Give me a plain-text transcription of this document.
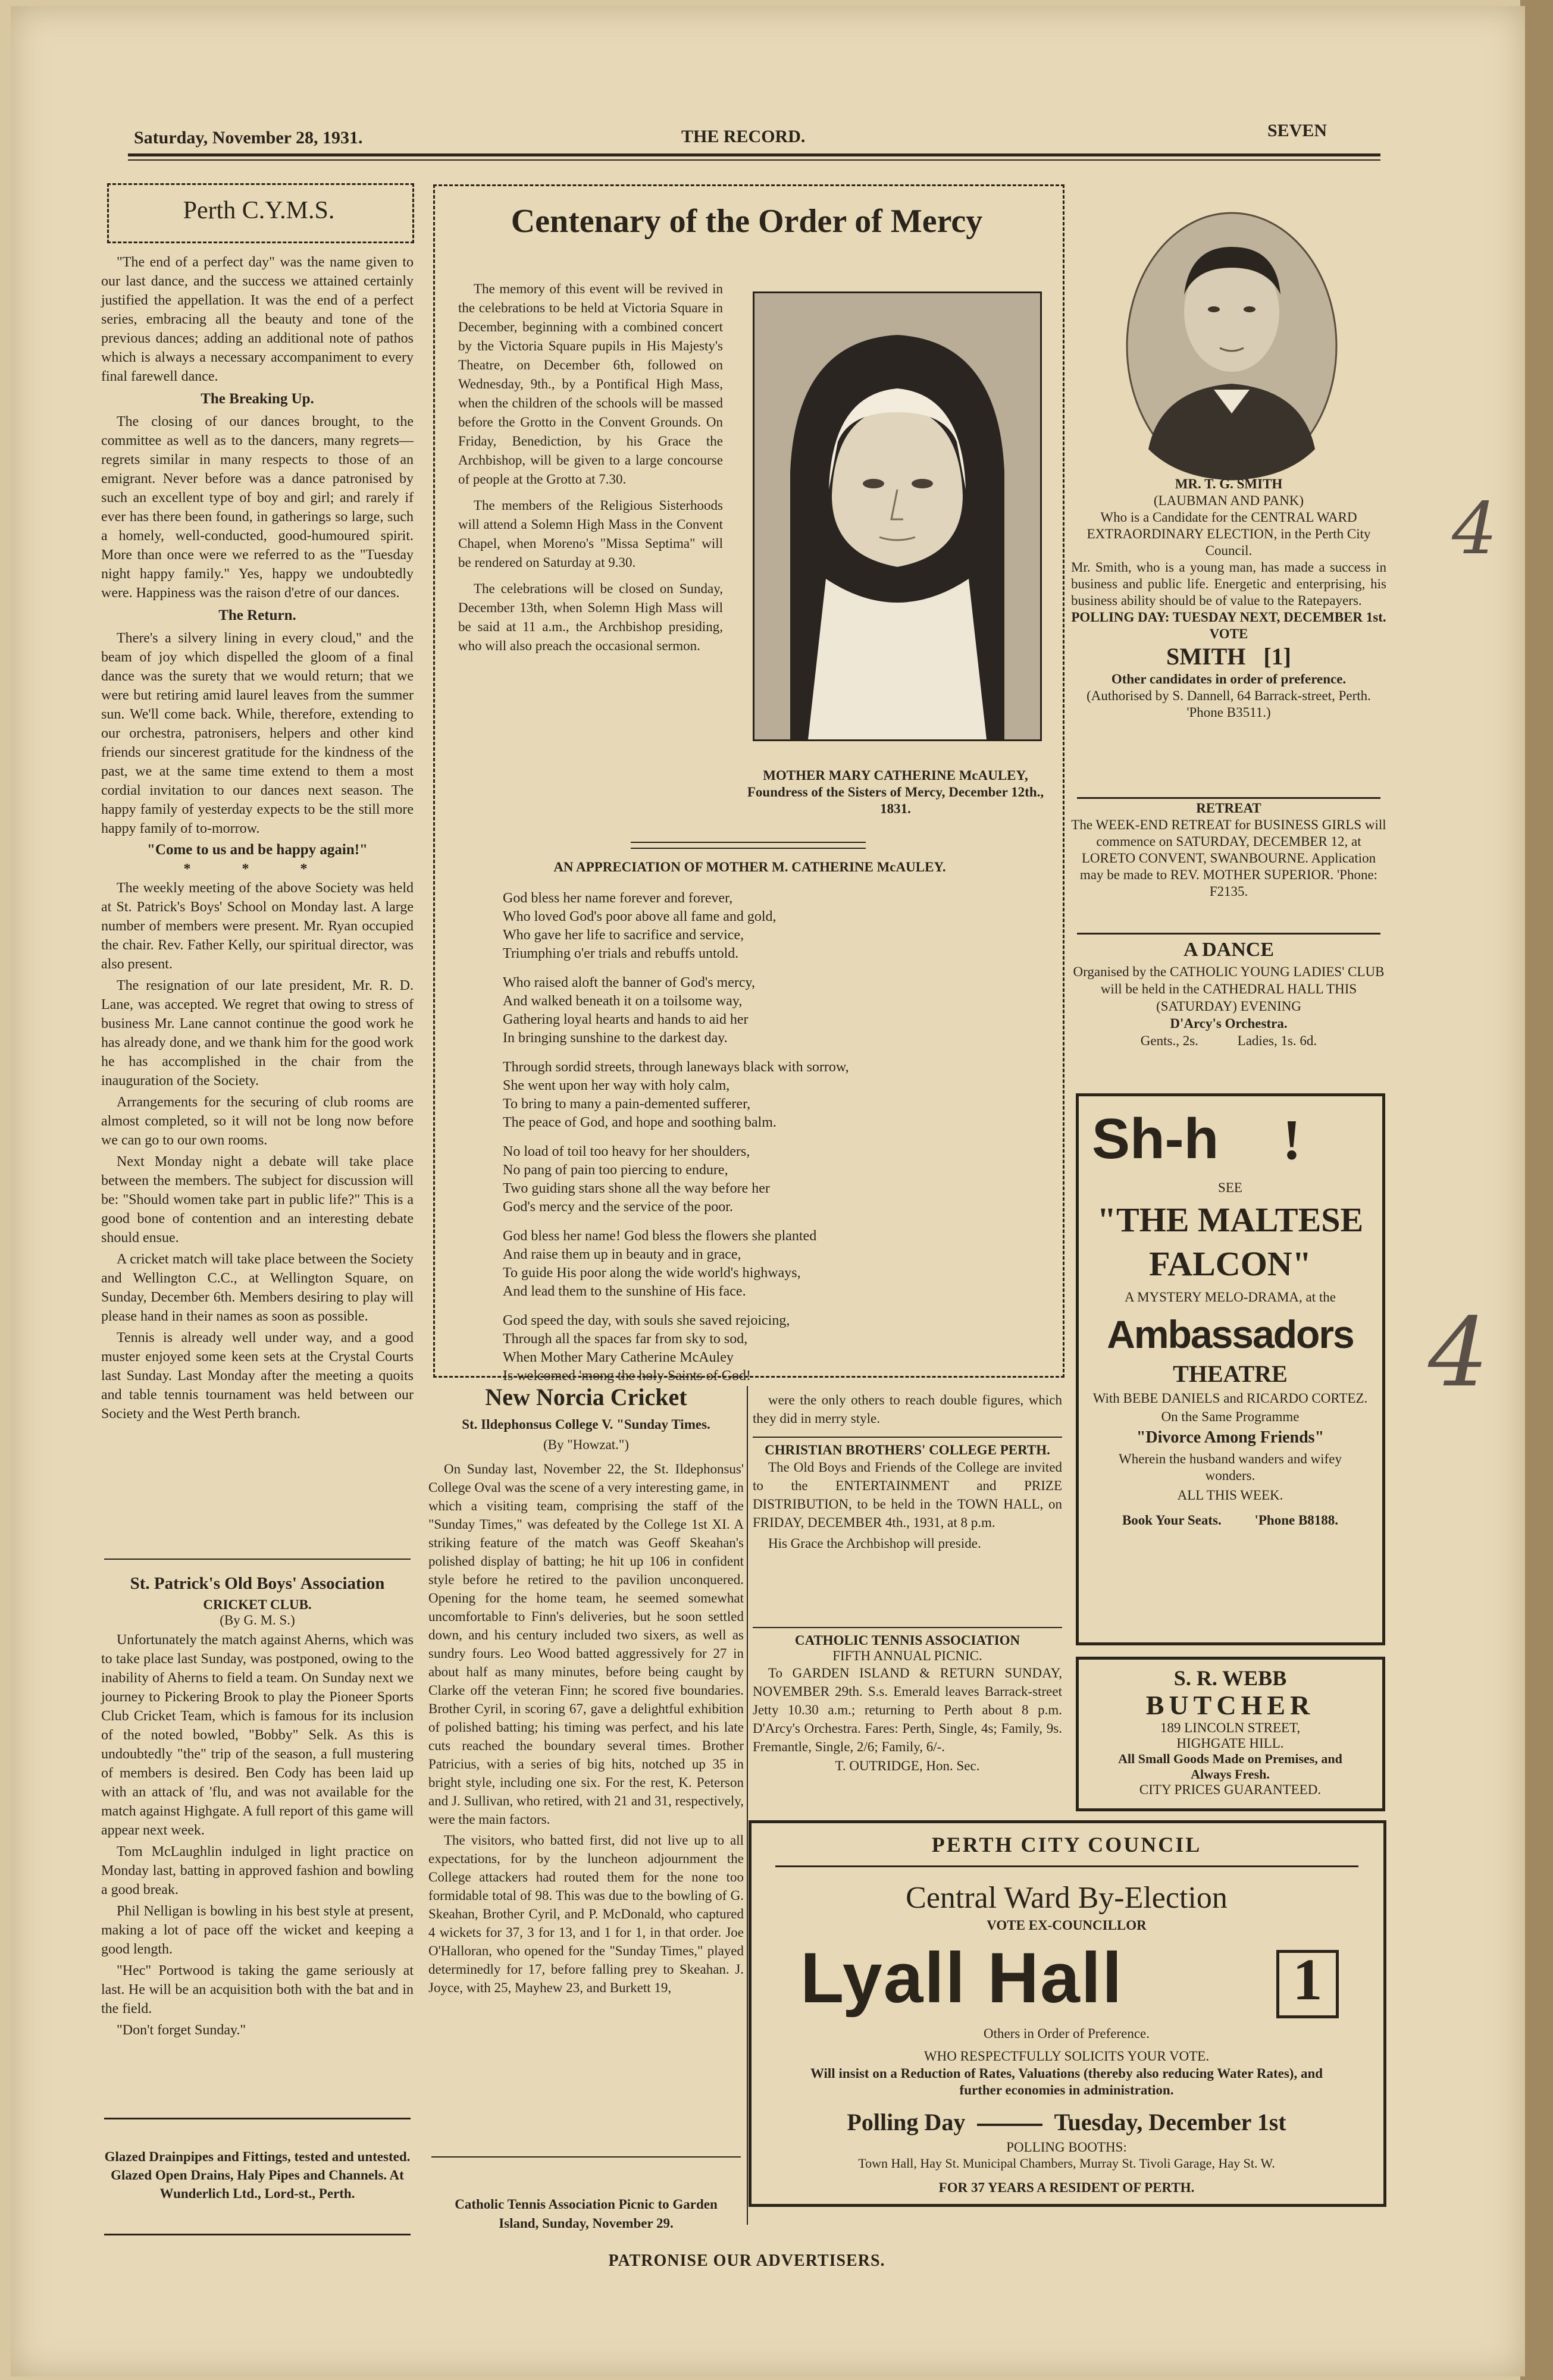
Saturday, November 28, 1931.	THE RECORD.	SEVEN
Perth C.Y.M.S.

"The end of a perfect day" was the name given to our last dance, and the success we attained certainly justified the appellation. It was the end of a perfect series, embracing all the beauty and tone of the previous dances; adding an additional note of pathos which is always a necessary accompaniment to every final farewell dance.

The Breaking Up.

The closing of our dances brought, to the committee as well as to the dancers, many regrets—regrets similar in many respects to those of an emigrant. Never before was a dance patronised by such an excellent type of boy and girl; and rarely if ever has there been found, in gatherings so large, such a homely, well-conducted, good-humoured spirit. More than once were we referred to as the "Tuesday night happy family." Yes, happy we undoubtedly were. Happiness was the raison d'etre of our dances.

The Return.

There's a silvery lining in every cloud," and the beam of joy which dispelled the gloom of a final dance was the surety that we would return; that we were but retiring amid laurel leaves from the summer sun. We'll come back. While, therefore, extending to our orchestra, patronisers, helpers and other kind friends our sincerest gratitude for the kindness of the past, we at the same time extend to them a most cordial invitation to our dances next season. The happy family of yesterday expects to be the still more happy family of to-morrow.

"Come to us and be happy again!"
* * *

The weekly meeting of the above Society was held at St. Patrick's Boys' School on Monday last. A large number of members were present. Mr. Ryan occupied the chair. Rev. Father Kelly, our spiritual director, was also present.

The resignation of our late president, Mr. R. D. Lane, was accepted. We regret that owing to stress of business Mr. Lane cannot continue the good work he has already done, and we thank him for the good work he has accomplished in the chair from the inauguration of the Society.

Arrangements for the securing of club rooms are almost completed, so it will not be long now before we can go to our own rooms.

Next Monday night a debate will take place between the members. The subject for discussion will be: "Should women take part in public life?" This is a good bone of contention and an interesting debate should ensue.

A cricket match will take place between the Society and Wellington C.C., at Wellington Square, on Sunday, December 6th. Members desiring to play will please hand in their names as soon as possible.

Tennis is already well under way, and a good muster enjoyed some keen sets at the Crystal Courts last Sunday. Last Monday after the meeting a quoits and table tennis tournament was held between our Society and the West Perth branch.

St. Patrick's Old Boys' Association
CRICKET CLUB.
(By G. M. S.)

Unfortunately the match against Aherns, which was to take place last Sunday, was postponed, owing to the inability of Aherns to field a team. On Sunday next we journey to Pickering Brook to play the Pioneer Sports Club Cricket Team, which is famous for its inclusion of the noted bowled, "Bobby" Selk. As this is undoubtedly "the" trip of the season, a full mustering of members is desired. Ben Cody has been laid up with an attack of 'flu, and was not available for the match against Highgate. A full report of this game will appear next week.

Tom McLaughlin indulged in light practice on Monday last, batting in approved fashion and bowling a good break.

Phil Nelligan is bowling in his best style at present, making a lot of pace off the wicket and keeping a good length.

"Hec" Portwood is taking the game seriously at last. He will be an acquisition both with the bat and in the field.

"Don't forget Sunday."

Glazed Drainpipes and Fittings, tested and untested. Glazed Open Drains, Haly Pipes and Channels. At Wunderlich Ltd., Lord-st., Perth.
Centenary of the Order of Mercy

The memory of this event will be revived in the celebrations to be held at Victoria Square in December, beginning with a combined concert by the Victoria Square pupils in His Majesty's Theatre, on December 6th, followed on Wednesday, 9th., by a Pontifical High Mass, when the children of the schools will be massed before the Grotto in the Convent Grounds. On Friday, Benediction, by his Grace the Archbishop, will be given to a large concourse of people at the Grotto at 7.30.

The members of the Religious Sisterhoods will attend a Solemn High Mass in the Convent Chapel, when Moreno's "Missa Septima" will be rendered on Saturday at 9.30.

The celebrations will be closed on Sunday, December 13th, when Solemn High Mass will be said at 11 a.m., the Archbishop presiding, who will also preach the occasional sermon.

MOTHER MARY CATHERINE McAULEY,
Foundress of the Sisters of Mercy, December 12th., 1831.
AN APPRECIATION OF MOTHER M. CATHERINE McAULEY.

God bless her name forever and forever,
Who loved God's poor above all fame and gold,
Who gave her life to sacrifice and service,
Triumphing o'er trials and rebuffs untold.

Who raised aloft the banner of God's mercy,
And walked beneath it on a toilsome way,
Gathering loyal hearts and hands to aid her
In bringing sunshine to the darkest day.

Through sordid streets, through laneways black with sorrow,
She went upon her way with holy calm,
To bring to many a pain-demented sufferer,
The peace of God, and hope and soothing balm.

No load of toil too heavy for her shoulders,
No pang of pain too piercing to endure,
Two guiding stars shone all the way before her
God's mercy and the service of the poor.

God bless her name! God bless the flowers she planted
And raise them up in beauty and in grace,
To guide His poor along the wide world's highways,
And lead them to the sunshine of His face.

God speed the day, with souls she saved rejoicing,
Through all the spaces far from sky to sod,
When Mother Mary Catherine McAuley
Is welcomed 'mong the holy Saints of God!

New Norcia Cricket
St. Ildephonsus College V. "Sunday Times.
(By "Howzat.")

On Sunday last, November 22, the St. Ildephonsus' College Oval was the scene of a very interesting game, in which a visiting team, comprising the staff of the "Sunday Times," was defeated by the College 1st XI. A striking feature of the match was Geoff Skeahan's polished display of batting; he hit up 106 in confident style before he retired to the pavilion unconquered. Opening for the home team, he seemed somewhat uncomfortable to Finn's deliveries, but he soon settled down, and his century included two sixers, as well as sundry fours. Leo Wood batted aggressively for 27 in about half as many minutes, before being caught by Clarke off the veteran Finn; he scored five boundaries. Brother Cyril, in scoring 67, gave a delightful exhibition of polished batting; his timing was perfect, and his late cuts reached the boundary several times. Brother Patricius, with a series of big hits, notched up 35 in bright style, including one six. For the rest, K. Peterson and J. Sullivan, who retired, with 21 and 31, respectively, were the main factors.

The visitors, who batted first, did not live up to all expectations, for by the luncheon adjournment the College attackers had routed them for the none too formidable total of 98. This was due to the bowling of G. Skeahan, Brother Cyril, and P. McDonald, who captured 4 wickets for 37, 3 for 13, and 1 for 1, in that order. Joe O'Halloran, who opened for the "Sunday Times," played determinedly for 17, before falling prey to Skeahan. J. Joyce, with 25, Mayhew 23, and Burkett 19,

Catholic Tennis Association Picnic to Garden Island, Sunday, November 29.

were the only others to reach double figures, which they did in merry style.

CHRISTIAN BROTHERS' COLLEGE PERTH.

The Old Boys and Friends of the College are invited to the ENTERTAINMENT and PRIZE DISTRIBUTION, to be held in the TOWN HALL, on FRIDAY, DECEMBER 4th., 1931, at 8 p.m.

His Grace the Archbishop will preside.

CATHOLIC TENNIS ASSOCIATION
FIFTH ANNUAL PICNIC.

To GARDEN ISLAND & RETURN SUNDAY, NOVEMBER 29th. S.s. Emerald leaves Barrack-street Jetty 10.30 a.m.; returning to Perth about 8 p.m. D'Arcy's Orchestra. Fares: Perth, Single, 4s; Family, 9s. Fremantle, Single, 2/6; Family, 6/-.

T. OUTRIDGE, Hon. Sec.
MR. T. G. SMITH
(LAUBMAN AND PANK)
Who is a Candidate for the CENTRAL WARD EXTRAORDINARY ELECTION, in the Perth City Council.
Mr. Smith, who is a young man, has made a success in business and public life. Energetic and enterprising, his business ability should be of value to the Ratepayers.
POLLING DAY: TUESDAY NEXT, DECEMBER 1st.
VOTE
SMITH [1]
Other candidates in order of preference.
(Authorised by S. Dannell, 64 Barrack-street, Perth. 'Phone B3511.)
RETREAT
The WEEK-END RETREAT for BUSINESS GIRLS will commence on SATURDAY, DECEMBER 12, at LORETO CONVENT, SWANBOURNE. Application may be made to REV. MOTHER SUPERIOR. 'Phone: F2135.
A DANCE
Organised by the CATHOLIC YOUNG LADIES' CLUB will be held in the CATHEDRAL HALL THIS (SATURDAY) EVENING
D'Arcy's Orchestra.
Gents., 2s.	Ladies, 1s. 6d.
Sh-h !
SEE
"THE MALTESE
FALCON"
A MYSTERY MELO-DRAMA, at the
Ambassadors
THEATRE
With BEBE DANIELS and RICARDO CORTEZ.
On the Same Programme
"Divorce Among Friends"
Wherein the husband wanders and wifey wonders.
ALL THIS WEEK.
Book Your Seats. 'Phone B8188.
S. R. WEBB
BUTCHER
189 LINCOLN STREET,
HIGHGATE HILL.
All Small Goods Made on Premises, and Always Fresh.
CITY PRICES GUARANTEED.
PERTH CITY COUNCIL
Central Ward By-Election
VOTE EX-COUNCILLOR
Lyall Hall	1
Others in Order of Preference.
WHO RESPECTFULLY SOLICITS YOUR VOTE.
Will insist on a Reduction of Rates, Valuations (thereby also reducing Water Rates), and further economies in administration.
Polling Day	Tuesday, December 1st
POLLING BOOTHS:
Town Hall, Hay St. Municipal Chambers, Murray St. Tivoli Garage, Hay St. W.
FOR 37 YEARS A RESIDENT OF PERTH.
PATRONISE OUR ADVERTISERS.
4
4
